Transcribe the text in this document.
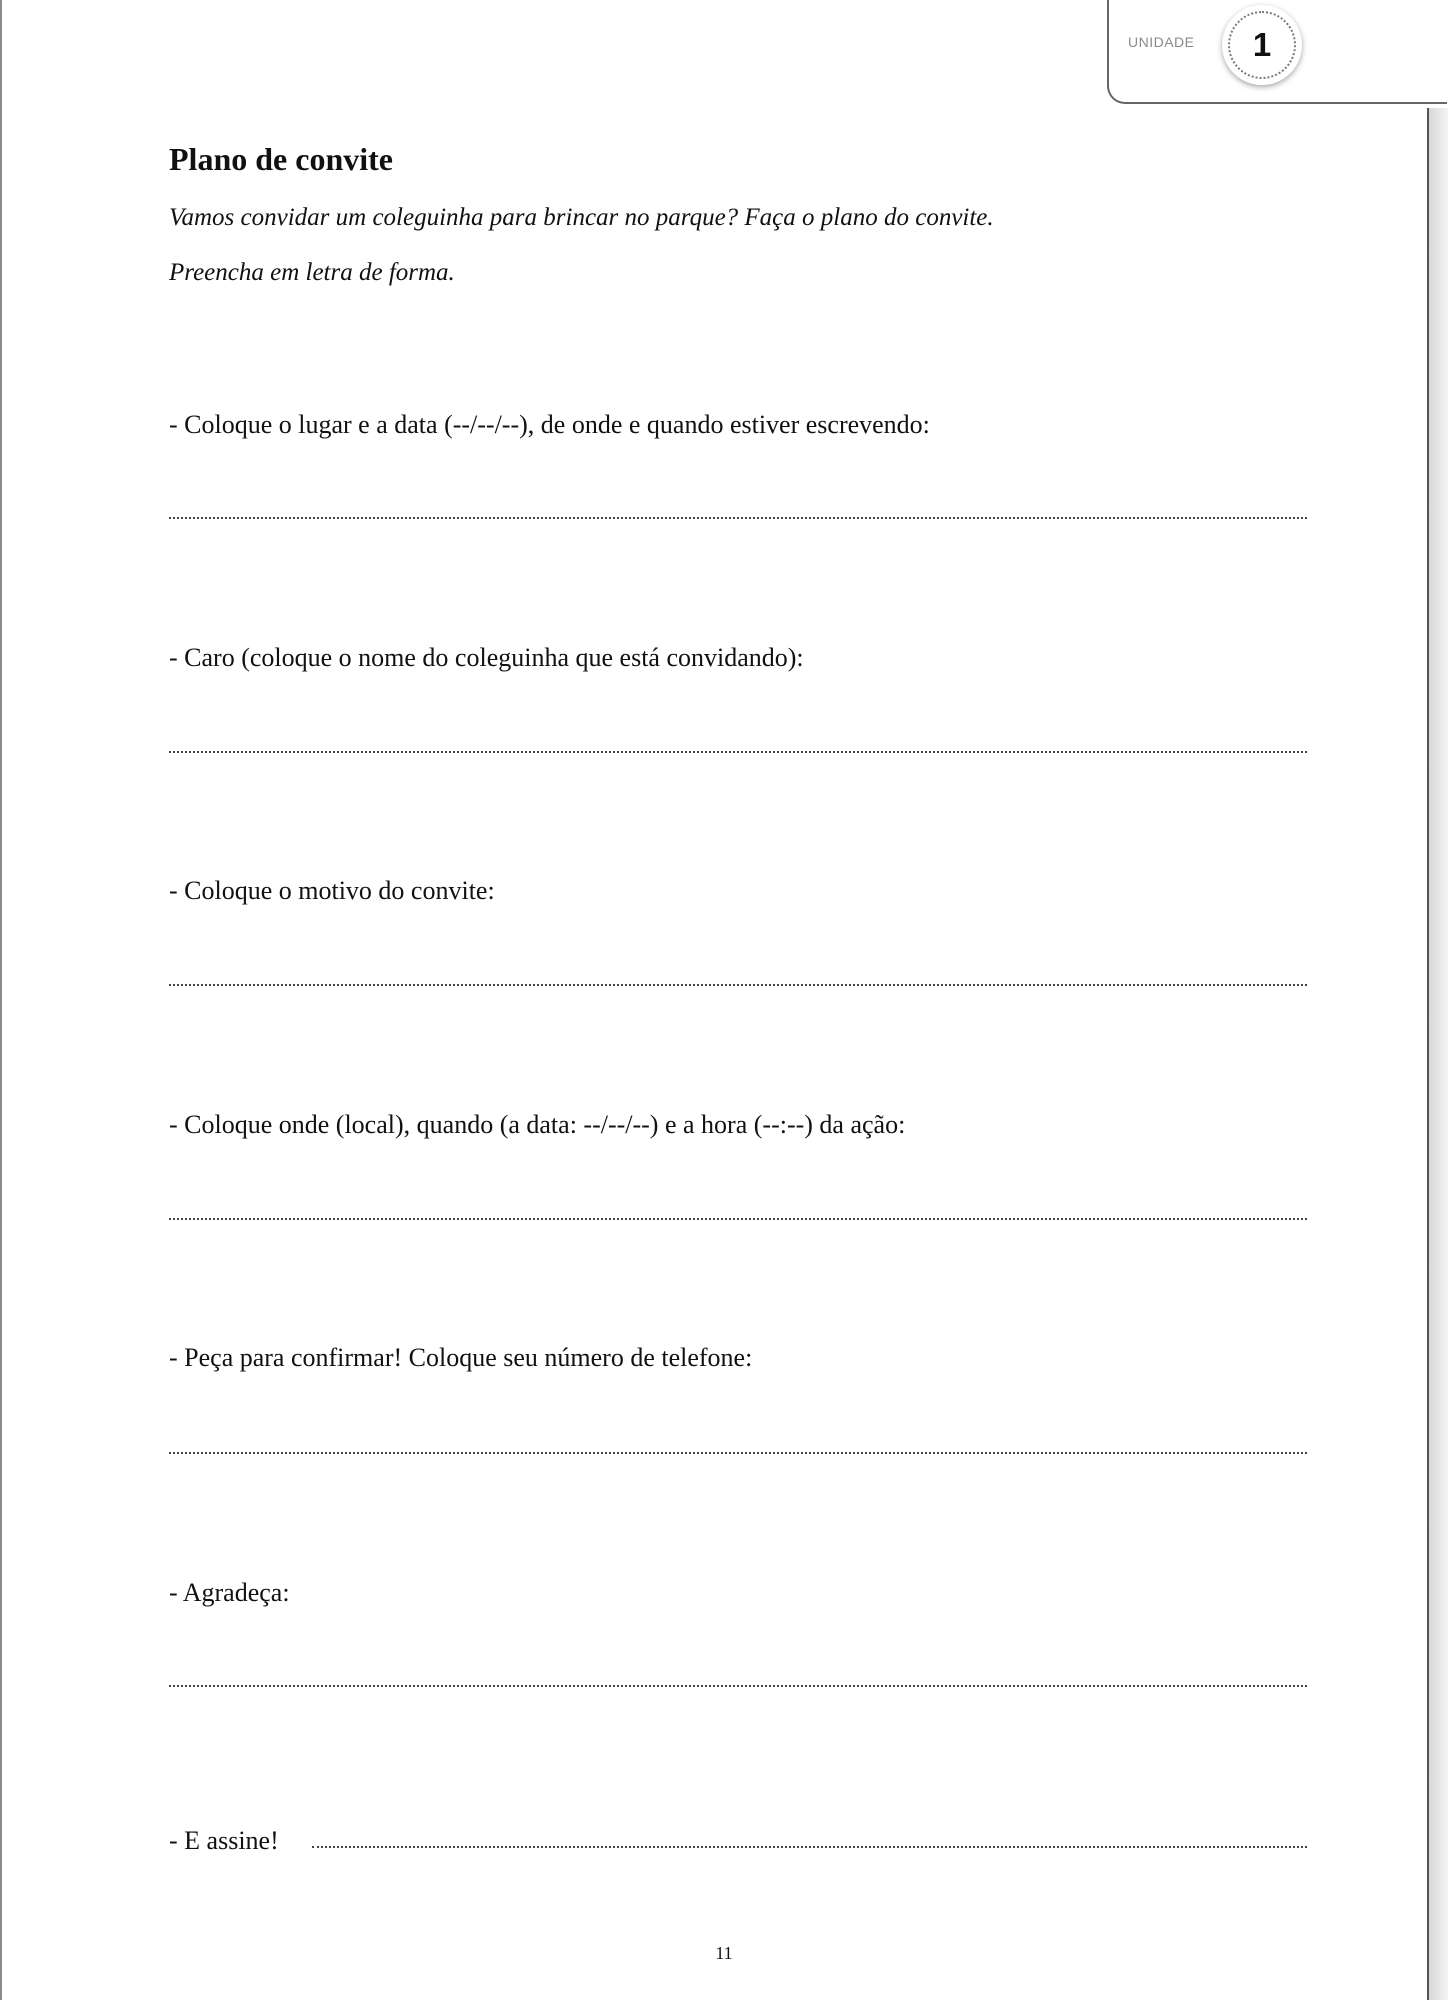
UNIDADE	1
Plano de convite

Vamos convidar um coleguinha para brincar no parque? Faça o plano do convite.

Preencha em letra de forma.

- Coloque o lugar e a data (--/--/--), de onde e quando estiver escrevendo:

- Caro (coloque o nome do coleguinha que está convidando):

- Coloque o motivo do convite:

- Coloque onde (local), quando (a data: --/--/--) e a hora (--:--) da ação:

- Peça para confirmar! Coloque seu número de telefone:

- Agradeça:

- E assine!

11
